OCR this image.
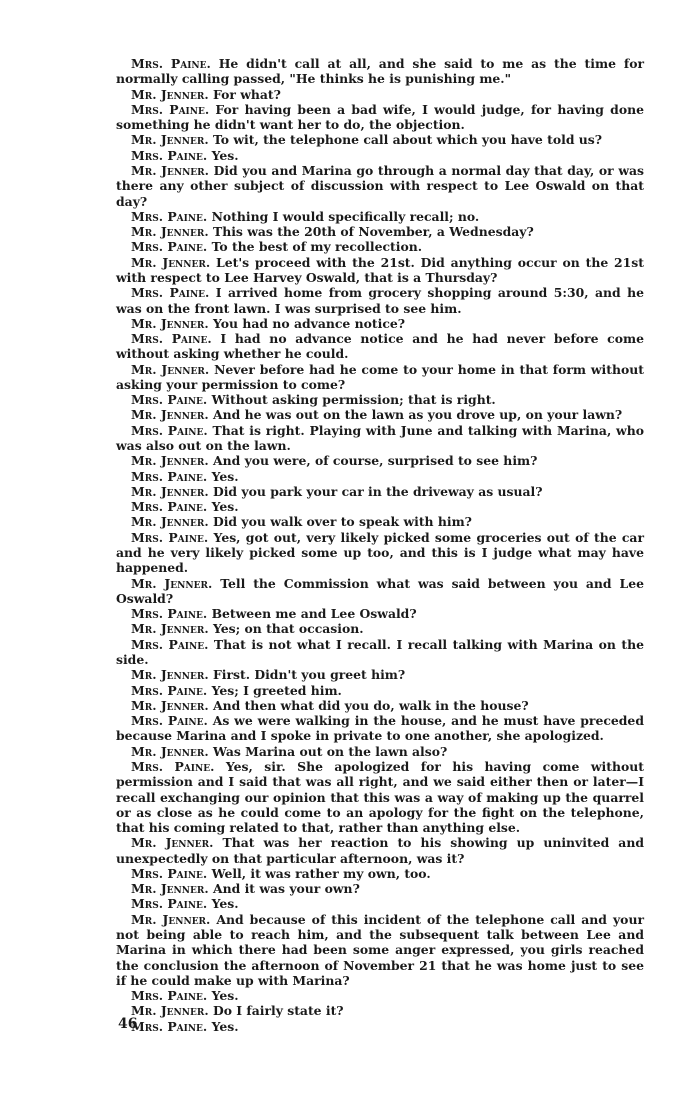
Mrs. Paine. He didn't call at all, and she said to me as the time for normally calling passed, "He thinks he is punishing me."

Mr. Jenner. For what?

Mrs. Paine. For having been a bad wife, I would judge, for having done something he didn't want her to do, the objection.

Mr. Jenner. To wit, the telephone call about which you have told us?

Mrs. Paine. Yes.

Mr. Jenner. Did you and Marina go through a normal day that day, or was there any other subject of discussion with respect to Lee Oswald on that day?

Mrs. Paine. Nothing I would specifically recall; no.

Mr. Jenner. This was the 20th of November, a Wednesday?

Mrs. Paine. To the best of my recollection.

Mr. Jenner. Let's proceed with the 21st. Did anything occur on the 21st with respect to Lee Harvey Oswald, that is a Thursday?

Mrs. Paine. I arrived home from grocery shopping around 5:30, and he was on the front lawn. I was surprised to see him.

Mr. Jenner. You had no advance notice?

Mrs. Paine. I had no advance notice and he had never before come without asking whether he could.

Mr. Jenner. Never before had he come to your home in that form without asking your permission to come?

Mrs. Paine. Without asking permission; that is right.

Mr. Jenner. And he was out on the lawn as you drove up, on your lawn?

Mrs. Paine. That is right. Playing with June and talking with Marina, who was also out on the lawn.

Mr. Jenner. And you were, of course, surprised to see him?

Mrs. Paine. Yes.

Mr. Jenner. Did you park your car in the driveway as usual?

Mrs. Paine. Yes.

Mr. Jenner. Did you walk over to speak with him?

Mrs. Paine. Yes, got out, very likely picked some groceries out of the car and he very likely picked some up too, and this is I judge what may have happened.

Mr. Jenner. Tell the Commission what was said between you and Lee Oswald?

Mrs. Paine. Between me and Lee Oswald?

Mr. Jenner. Yes; on that occasion.

Mrs. Paine. That is not what I recall. I recall talking with Marina on the side.

Mr. Jenner. First. Didn't you greet him?

Mrs. Paine. Yes; I greeted him.

Mr. Jenner. And then what did you do, walk in the house?

Mrs. Paine. As we were walking in the house, and he must have preceded because Marina and I spoke in private to one another, she apologized.

Mr. Jenner. Was Marina out on the lawn also?

Mrs. Paine. Yes, sir. She apologized for his having come without permission and I said that was all right, and we said either then or later—I recall exchanging our opinion that this was a way of making up the quarrel or as close as he could come to an apology for the fight on the telephone, that his coming related to that, rather than anything else.

Mr. Jenner. That was her reaction to his showing up uninvited and unexpectedly on that particular afternoon, was it?

Mrs. Paine. Well, it was rather my own, too.

Mr. Jenner. And it was your own?

Mrs. Paine. Yes.

Mr. Jenner. And because of this incident of the telephone call and your not being able to reach him, and the subsequent talk between Lee and Marina in which there had been some anger expressed, you girls reached the conclusion the afternoon of November 21 that he was home just to see if he could make up with Marina?

Mrs. Paine. Yes.

Mr. Jenner. Do I fairly state it?

Mrs. Paine. Yes.

46
